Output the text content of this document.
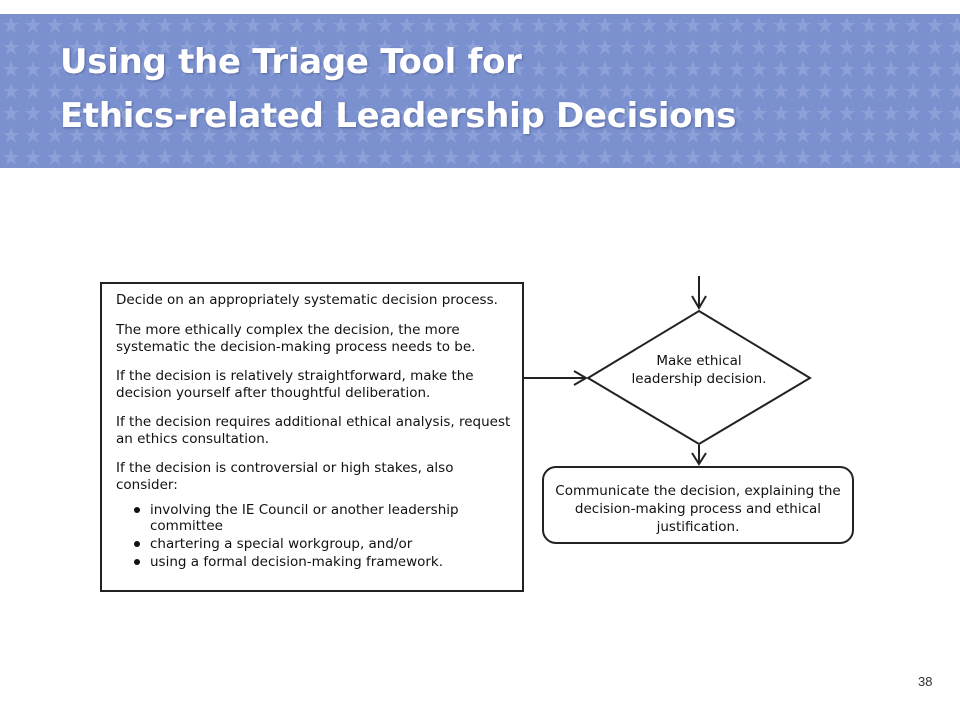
Using the Triage Tool for
Ethics-related Leadership Decisions
Decide on an appropriately systematic decision process.
The more ethically complex the decision, the more systematic the decision-making process needs to be.
If the decision is relatively straightforward, make the decision yourself after thoughtful deliberation.
If the decision requires additional ethical analysis, request an ethics consultation.
If the decision is controversial or high stakes, also consider:
involving the IE Council or another leadership committee
chartering a special workgroup, and/or
using a formal decision-making framework.
Make ethical leadership decision.
Communicate the decision, explaining the decision-making process and ethical justification.
38
